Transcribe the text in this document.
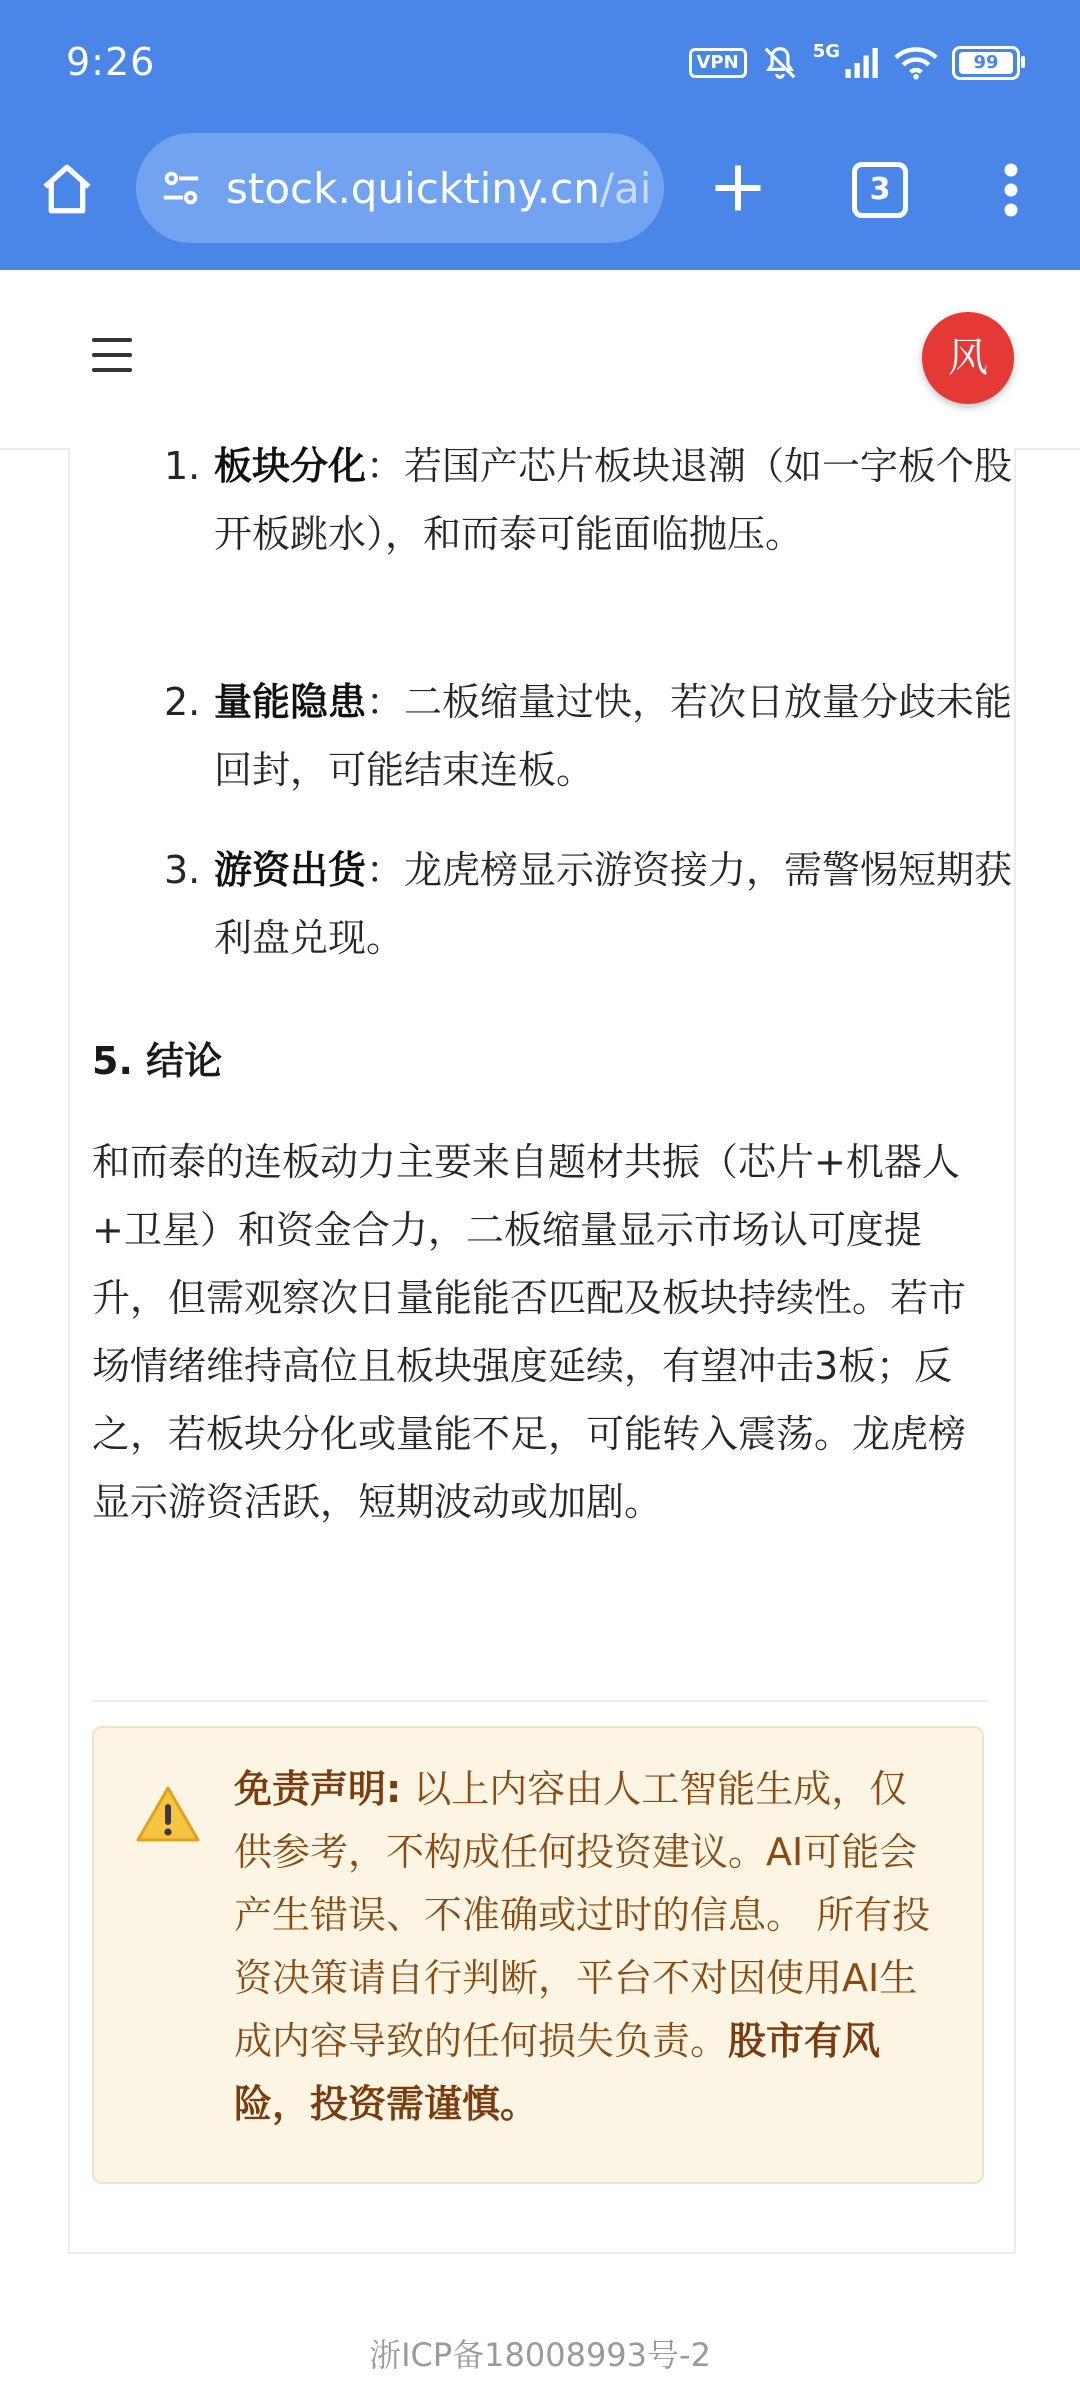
9:26	VPN
5G
99
stock.quicktiny.cn/ai	3
风
1. 板块分化：若国产芯片板块退潮（如一字板个股开板跳水），和而泰可能面临抛压。
2. 量能隐患：二板缩量过快，若次日放量分歧未能回封，可能结束连板。
3. 游资出货：龙虎榜显示游资接力，需警惕短期获利盘兑现。
5. 结论
和而泰的连板动力主要来自题材共振（芯片+机器人+卫星）和资金合力，二板缩量显示市场认可度提升，但需观察次日量能能否匹配及板块持续性。若市场情绪维持高位且板块强度延续，有望冲击3板；反之，若板块分化或量能不足，可能转入震荡。龙虎榜显示游资活跃，短期波动或加剧。
免责声明: 以上内容由人工智能生成，仅供参考，不构成任何投资建议。AI可能会产生错误、不准确或过时的信息。 所有投资决策请自行判断，平台不对因使用AI生成内容导致的任何损失负责。股市有风险，投资需谨慎。
浙ICP备18008993号-2
